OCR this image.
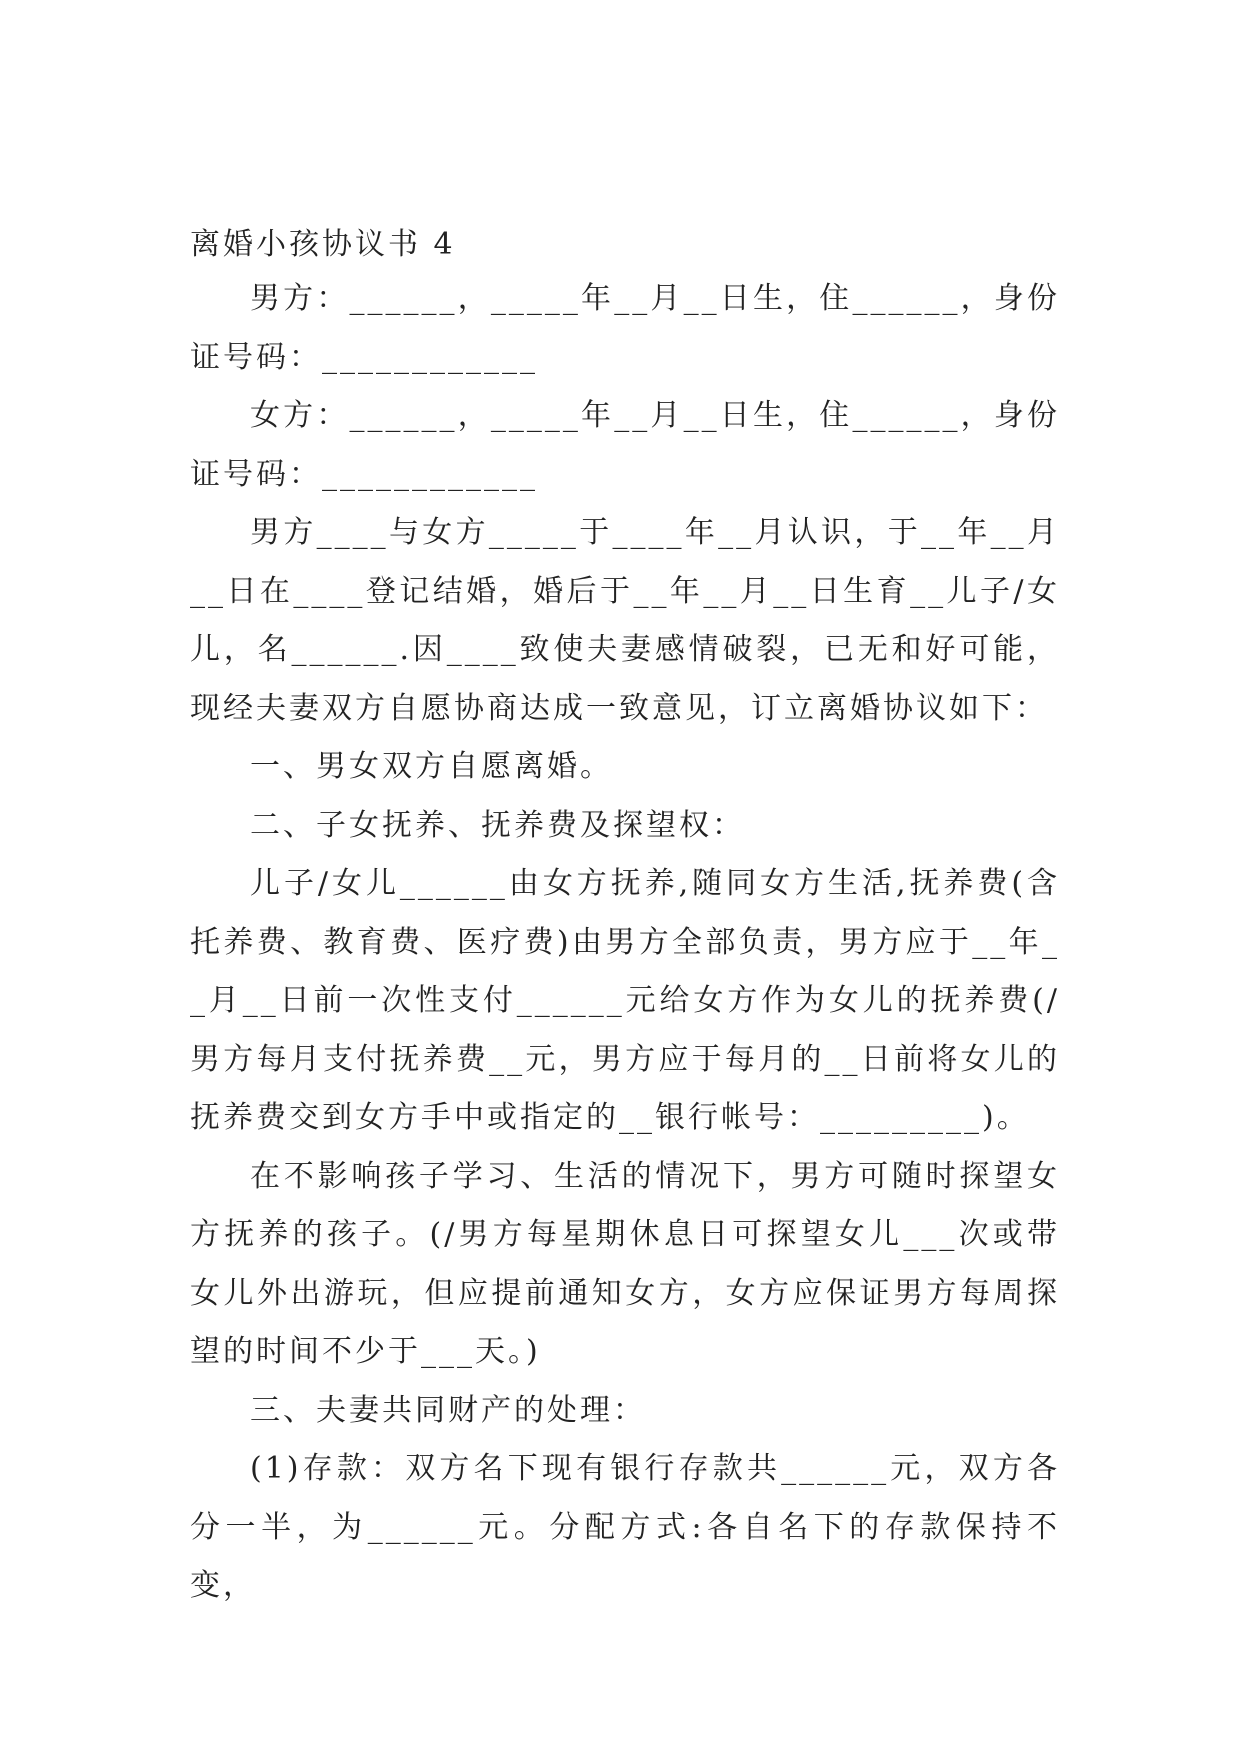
离婚小孩协议书 4

男方：______，_____年__月__日生，住______，身份证号码：____________

女方：______，_____年__月__日生，住______，身份证号码：____________

男方____与女方_____于____年__月认识，于__年__月__日在____登记结婚，婚后于__年__月__日生育__儿子/女儿，名______.因____致使夫妻感情破裂，已无和好可能，现经夫妻双方自愿协商达成一致意见，订立离婚协议如下：

一、男女双方自愿离婚。

二、子女抚养、抚养费及探望权：

儿子/女儿______由女方抚养,随同女方生活,抚养费(含托养费、教育费、医疗费)由男方全部负责，男方应于__年__月__日前一次性支付______元给女方作为女儿的抚养费(/男方每月支付抚养费__元，男方应于每月的__日前将女儿的抚养费交到女方手中或指定的__银行帐号：_________)。

在不影响孩子学习、生活的情况下，男方可随时探望女方抚养的孩子。(/男方每星期休息日可探望女儿___次或带女儿外出游玩，但应提前通知女方，女方应保证男方每周探望的时间不少于___天。)

三、夫妻共同财产的处理：

(1)存款：双方名下现有银行存款共______元，双方各分一半，为______元。分配方式:各自名下的存款保持不变，
